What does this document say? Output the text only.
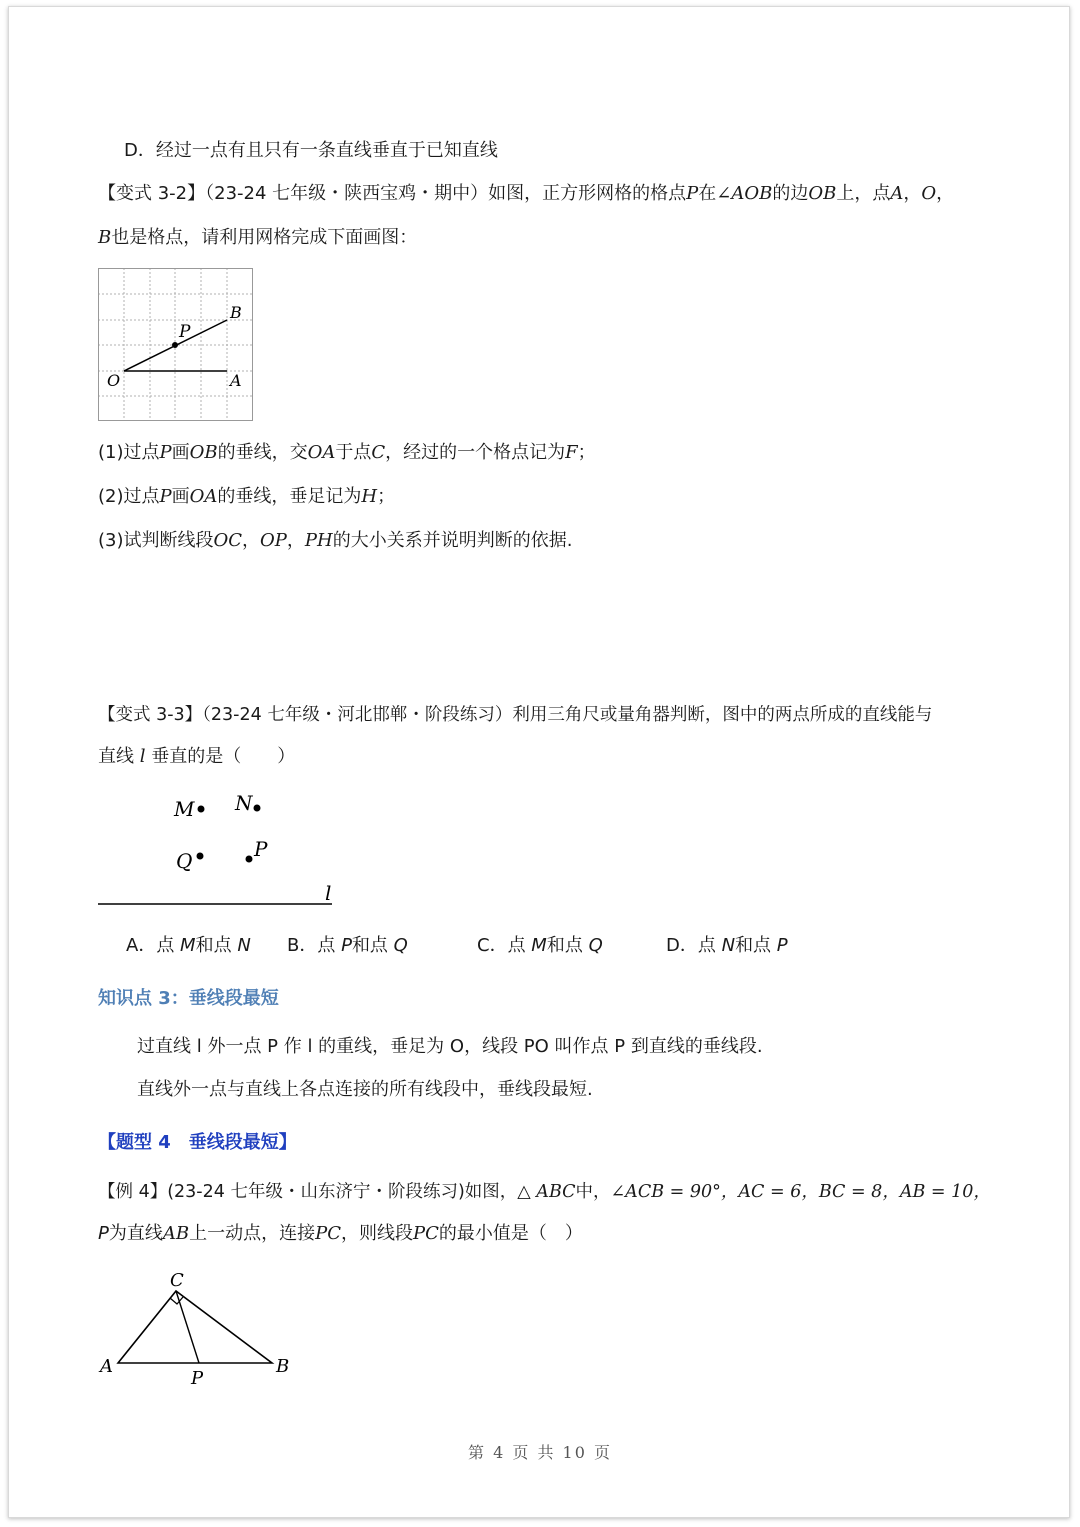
D．经过一点有且只有一条直线垂直于已知直线
【变式 3-2】（23-24 七年级・陕西宝鸡・期中）如图，正方形网格的格点P在∠AOB的边OB上，点A，O，
B也是格点，请利用网格完成下面画图：
P
B
O	A
(1)过点P画OB的垂线，交OA于点C，经过的一个格点记为F；
(2)过点P画OA的垂线，垂足记为H；
(3)试判断线段OC，OP，PH的大小关系并说明判断的依据.
【变式 3-3】（23-24 七年级・河北邯郸・阶段练习）利用三角尺或量角器判断，图中的两点所成的直线能与
直线 l 垂直的是（　　）
M N
Q	P
l
A．点 M和点 N B．点 P和点 Q	C．点 M和点 Q	D．点 N和点 P
知识点 3：垂线段最短
过直线 l 外一点 P 作 l 的重线，垂足为 O，线段 PO 叫作点 P 到直线的垂线段.
直线外一点与直线上各点连接的所有线段中，垂线段最短.
【题型 4　垂线段最短】
【例 4】(23-24 七年级・山东济宁・阶段练习)如图，△ ABC中，∠ACB = 90°，AC = 6，BC = 8，AB = 10，
P为直线AB上一动点，连接PC，则线段PC的最小值是（　）
C
A	B
P
第 4 页 共 10 页
